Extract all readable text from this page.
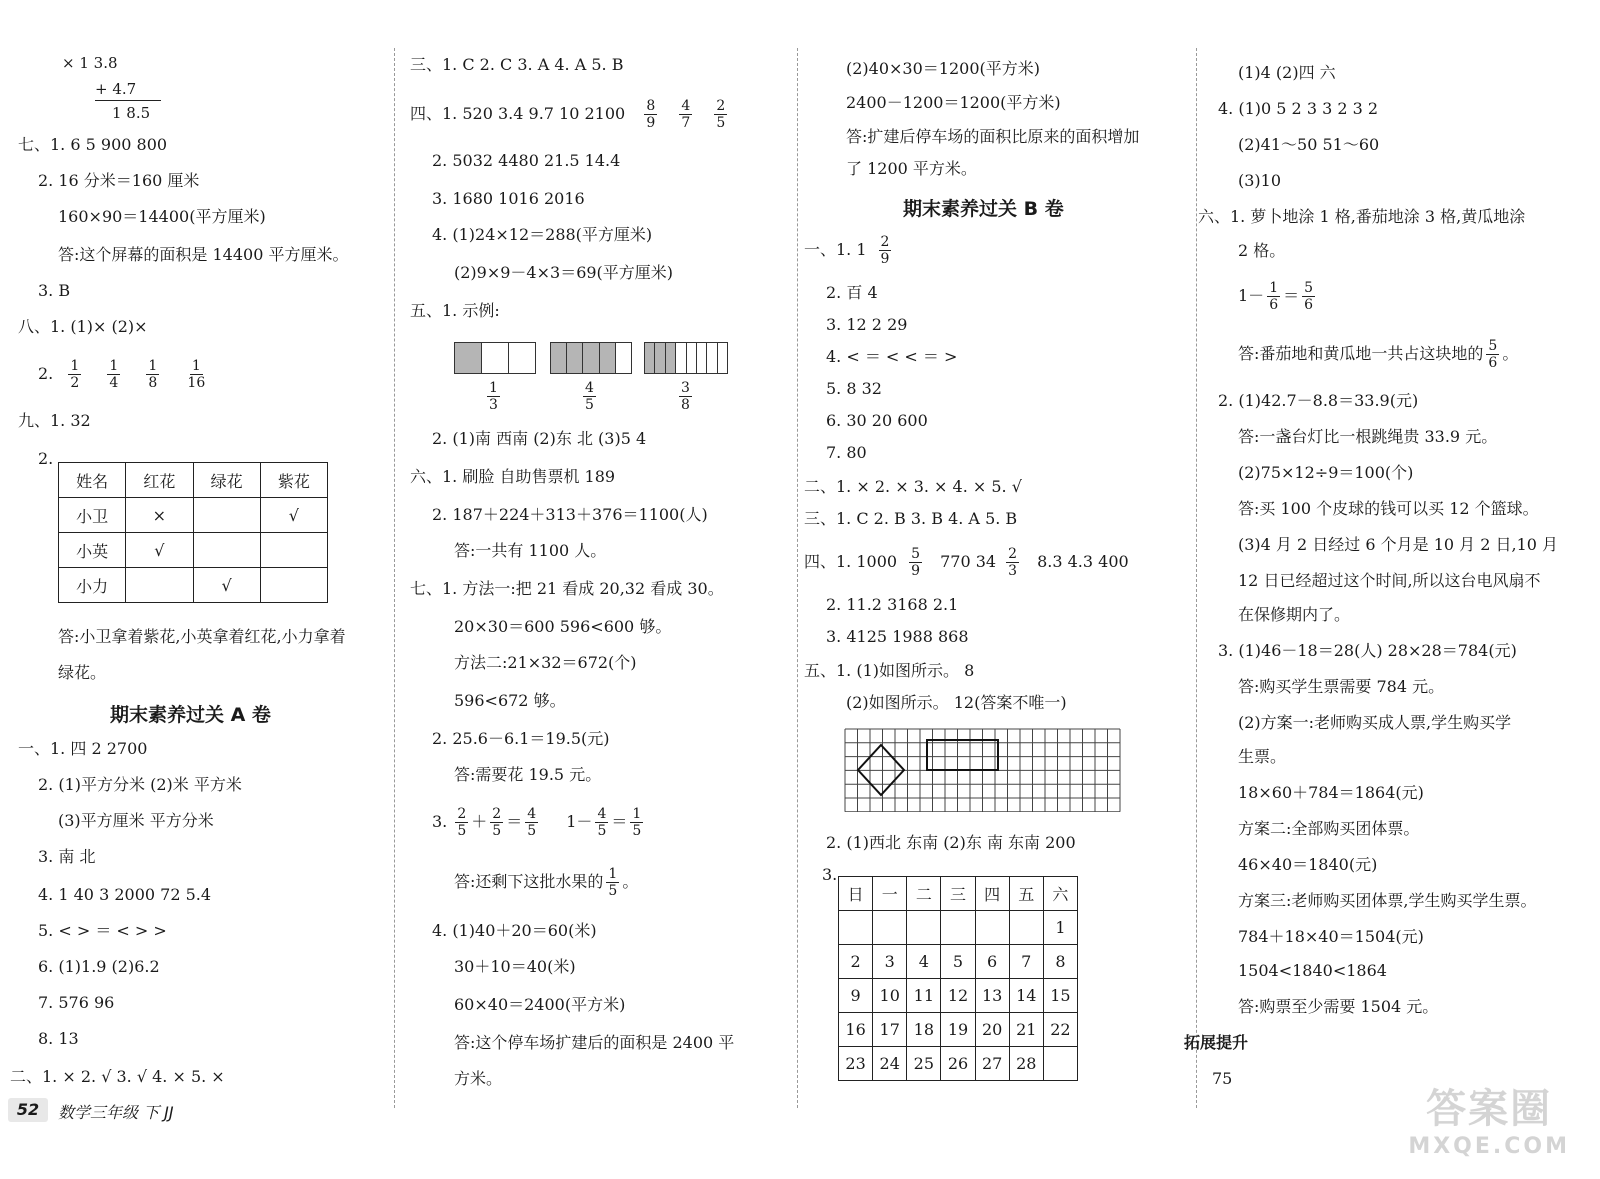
× 1 3.8
+ 4.7
1 8.5
七、1. 6 5 900 800
2. 16 分米＝160 厘米
160×90＝14400(平方厘米)
答:这个屏幕的面积是 14400 平方厘米。
3. B
八、1. (1)× (2)×
2. $\frac{1}{2}$
$\frac{1}{4}$
$\frac{1}{8}$
$\frac{1}{16}$
九、1. 32
2.
姓名	红花	绿花	紫花
小卫	×		√
小英	√		
小力		√	
答:小卫拿着紫花,小英拿着红花,小力拿着
绿花。
期末素养过关 A 卷
一、1. 四 2 2700
2. (1)平方分米 (2)米 平方米
(3)平方厘米 平方分米
3. 南 北
4. 1 40 3 2000 72 5.4
5. < > ＝ < > >
6. (1)1.9 (2)6.2
7. 576 96
8. 13
二、1. × 2. √ 3. √ 4. × 5. ×
三、1. C 2. C 3. A 4. A 5. B
四、1. 520 3.4 9.7 10 $2100 \frac{8}{9}$
$\frac{4}{7}$
$\frac{2}{5}$
2. 5032 4480 21.5 14.4
3. 1680 1016 2016
4. (1)24×12＝288(平方厘米)
(2)9×9－4×3＝69(平方厘米)
五、1. 示例:
$\frac{1}{3}$	$\frac{4}{5}$	$\frac{3}{8}$
2. (1)南 西南 (2)东 北 (3)5 4
六、1. 刷脸 自助售票机 189
2. 187＋224＋313＋376＝1100(人)
答:一共有 1100 人。
七、1. 方法一:把 21 看成 20,32 看成 30。
20×30＝600 596<600 够。
方法二:21×32＝672(个)
596<672 够。
2. 25.6－6.1＝19.5(元)
答:需要花 19.5 元。
3. $\frac{2}{5} + \frac{2}{5} = \frac{4}{5} 1- \frac{4}{5} = \frac{1}{5}$
答:还剩下这批水果的 $\frac{1}{5}$ 。
4. (1)40＋20＝60(米)
30＋10＝40(米)
60×40＝2400(平方米)
答:这个停车场扩建后的面积是 2400 平
方米。
(2)40×30＝1200(平方米)
2400－1200＝1200(平方米)
答:扩建后停车场的面积比原来的面积增加
了 1200 平方米。
期末素养过关 B 卷
一、1. $1 \frac{2}{9}$
2. 百 4
3. 12 2 29
4. < ＝ < < ＝ >
5. 8 32
6. 30 20 600
7. 80
二、1. × 2. × 3. × 4. × 5. √
三、1. C 2. B 3. B 4. A 5. B
四、1. $1000 \frac{5}{9} 770$ $34 \frac{2}{3} 8.3$ 4.3 400
2. 11.2 3168 2.1
3. 4125 1988 868
五、1. (1)如图所示。 8
(2)如图所示。 12(答案不唯一)
2. (1)西北 东南 (2)东 南 东南 200
3.
日	一	二	三	四	五	六
						1
2	3	4	5	6	7	8
9	10	11	12	13	14	15
16	17	18	19	20	21	22
23	24	25	26	27	28	
(1)4 (2)四 六
4. (1)0 5 2 3 3 2 3 2
(2)41～50 51～60
(3)10
六、1. 萝卜地涂 1 格,番茄地涂 3 格,黄瓜地涂
2 格。
$1- \frac{1}{6} = \frac{5}{6}$
答:番茄地和黄瓜地一共占这块地的 $\frac{5}{6}$ 。
2. (1)42.7－8.8＝33.9(元)
答:一盏台灯比一根跳绳贵 33.9 元。
(2)75×12÷9＝100(个)
答:买 100 个皮球的钱可以买 12 个篮球。
(3)4 月 2 日经过 6 个月是 10 月 2 日,10 月
12 日已经超过这个时间,所以这台电风扇不
在保修期内了。
3. (1)46－18＝28(人) 28×28＝784(元)
答:购买学生票需要 784 元。
(2)方案一:老师购买成人票,学生购买学
生票。
18×60＋784＝1864(元)
方案二:全部购买团体票。
46×40＝1840(元)
方案三:老师购买团体票,学生购买学生票。
784＋18×40＝1504(元)
1504<1840<1864
答:购票至少需要 1504 元。
拓展提升
75
52	数学三年级 下 JJ	答案圈
MXQE.COM
